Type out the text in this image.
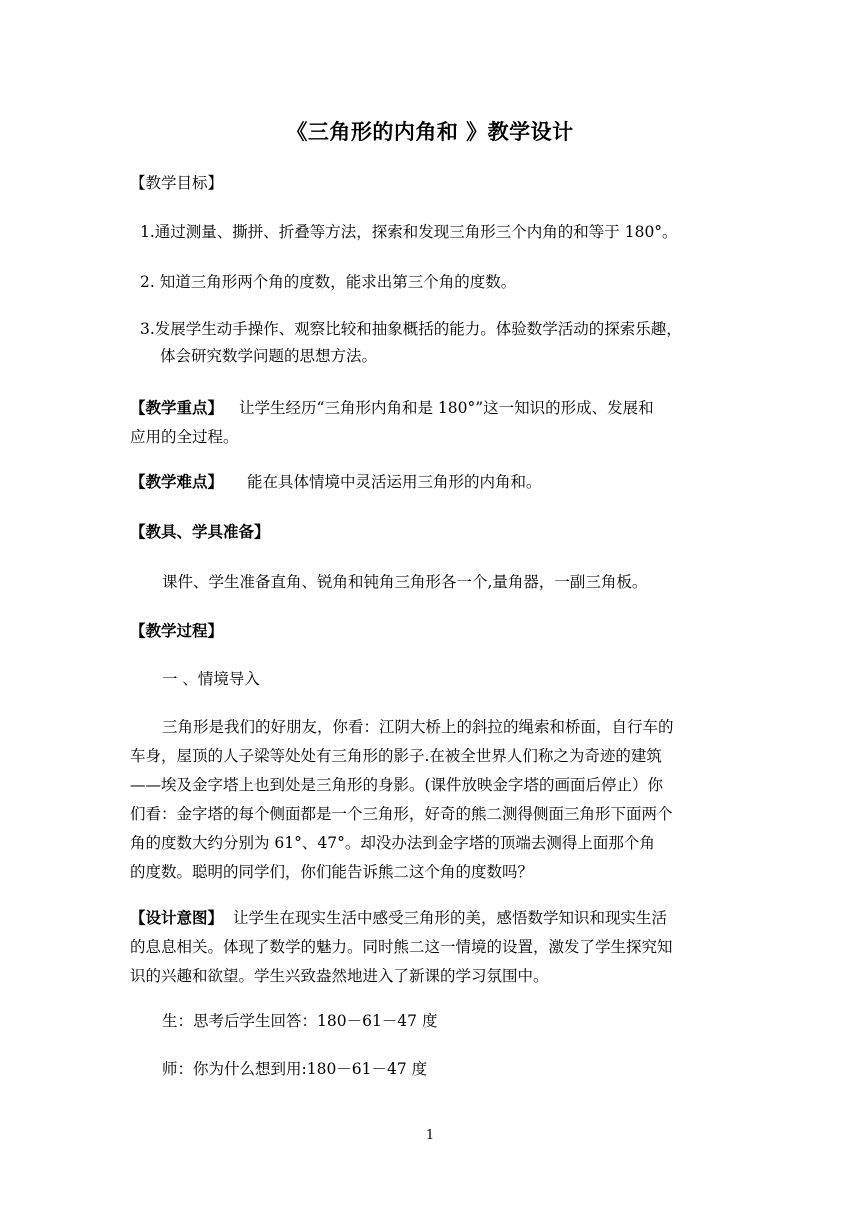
《三角形的内角和 》教学设计
【教学目标】
1.通过测量、撕拼、折叠等方法，探索和发现三角形三个内角的和等于 180°。
2. 知道三角形两个角的度数，能求出第三个角的度数。
3.发展学生动手操作、观察比较和抽象概括的能力。体验数学活动的探索乐趣，
体会研究数学问题的思想方法。
【教学重点】 让学生经历“三角形内角和是 180°”这一知识的形成、发展和
应用的全过程。
【教学难点】 能在具体情境中灵活运用三角形的内角和。
【教具、学具准备】
课件、学生准备直角、锐角和钝角三角形各一个,量角器，一副三角板。
【教学过程】
一 、情境导入
三角形是我们的好朋友，你看：江阴大桥上的斜拉的绳索和桥面，自行车的
车身，屋顶的人子梁等处处有三角形的影子.在被全世界人们称之为奇迹的建筑
——埃及金字塔上也到处是三角形的身影。(课件放映金字塔的画面后停止）你
们看：金字塔的每个侧面都是一个三角形，好奇的熊二测得侧面三角形下面两个
角的度数大约分别为 61°、47°。却没办法到金字塔的顶端去测得上面那个角
的度数。聪明的同学们，你们能告诉熊二这个角的度数吗？
【设计意图】 让学生在现实生活中感受三角形的美，感悟数学知识和现实生活
的息息相关。体现了数学的魅力。同时熊二这一情境的设置，激发了学生探究知
识的兴趣和欲望。学生兴致盎然地进入了新课的学习氛围中。
生：思考后学生回答：180－61－47 度
师：你为什么想到用:180－61－47 度
1
